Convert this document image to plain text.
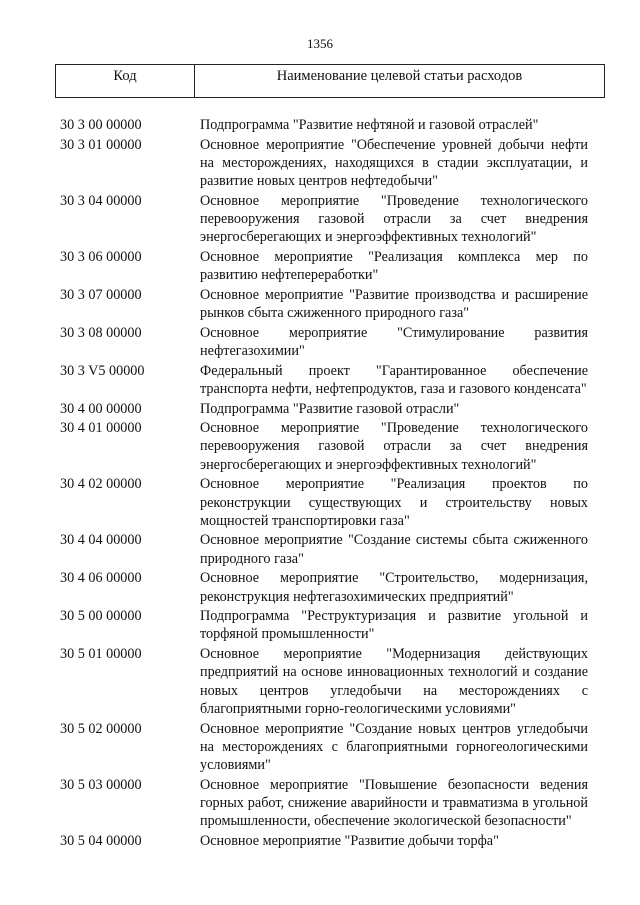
1356
Код	Наименование целевой статьи расходов
30 3 00 00000	Подпрограмма "Развитие нефтяной и газовой отраслей"
30 3 01 00000	Основное мероприятие "Обеспечение уровней добычи нефти на месторождениях, находящихся в стадии эксплуатации, и развитие новых центров нефтедобычи"
30 3 04 00000	Основное мероприятие "Проведение технологического перевооружения газовой отрасли за счет внедрения энергосберегающих и энергоэффективных технологий"
30 3 06 00000	Основное мероприятие "Реализация комплекса мер по развитию нефтепереработки"
30 3 07 00000	Основное мероприятие "Развитие производства и расширение рынков сбыта сжиженного природного газа"
30 3 08 00000	Основное мероприятие "Стимулирование развития нефтегазохимии"
30 3 V5 00000	Федеральный проект "Гарантированное обеспечение транспорта нефти, нефтепродуктов, газа и газового конденсата"
30 4 00 00000	Подпрограмма "Развитие газовой отрасли"
30 4 01 00000	Основное мероприятие "Проведение технологического перевооружения газовой отрасли за счет внедрения энергосберегающих и энергоэффективных технологий"
30 4 02 00000	Основное мероприятие "Реализация проектов по реконструкции существующих и строительству новых мощностей транспортировки газа"
30 4 04 00000	Основное мероприятие "Создание системы сбыта сжиженного природного газа"
30 4 06 00000	Основное мероприятие "Строительство, модернизация, реконструкция нефтегазохимических предприятий"
30 5 00 00000	Подпрограмма "Реструктуризация и развитие угольной и торфяной промышленности"
30 5 01 00000	Основное мероприятие "Модернизация действующих предприятий на основе инновационных технологий и создание новых центров угледобычи на месторождениях с благоприятными горно-геологическими условиями"
30 5 02 00000	Основное мероприятие "Создание новых центров угледобычи на месторождениях с благоприятными горногеологическими условиями"
30 5 03 00000	Основное мероприятие "Повышение безопасности ведения горных работ, снижение аварийности и травматизма в угольной промышленности, обеспечение экологической безопасности"
30 5 04 00000	Основное мероприятие "Развитие добычи торфа"
